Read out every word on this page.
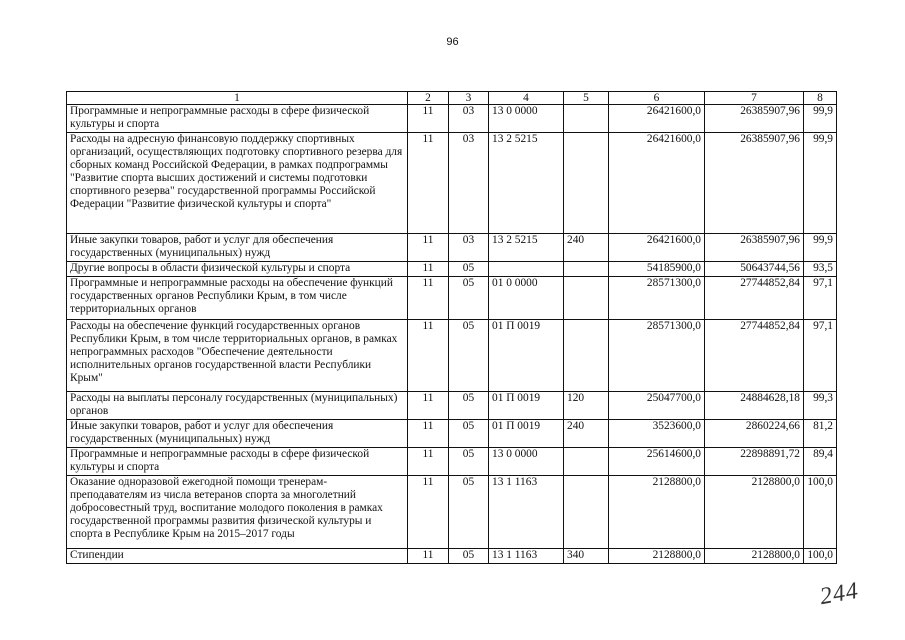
96
1	2	3	4	5	6	7	8
Программные и непрограммные расходы в сфере физической культуры и спорта	11	03	13 0 0000		26421600,0	26385907,96	99,9
Расходы на адресную финансовую поддержку спортивных организаций, осуществляющих подготовку спортивного резерва для сборных команд Российской Федерации, в рамках подпрограммы "Развитие спорта высших достижений и системы подготовки спортивного резерва" государственной программы Российской Федерации "Развитие физической культуры и спорта"	11	03	13 2 5215		26421600,0	26385907,96	99,9
Иные закупки товаров, работ и услуг для обеспечения государственных (муниципальных) нужд	11	03	13 2 5215	240	26421600,0	26385907,96	99,9
Другие вопросы в области физической культуры и спорта	11	05			54185900,0	50643744,56	93,5
Программные и непрограммные расходы на обеспечение функций государственных органов Республики Крым, в том числе территориальных органов	11	05	01 0 0000		28571300,0	27744852,84	97,1
Расходы на обеспечение функций государственных органов Республики Крым, в том числе территориальных органов, в рамках непрограммных расходов "Обеспечение деятельности исполнительных органов государственной власти Республики Крым"	11	05	01 П 0019		28571300,0	27744852,84	97,1
Расходы на выплаты персоналу государственных (муниципальных) органов	11	05	01 П 0019	120	25047700,0	24884628,18	99,3
Иные закупки товаров, работ и услуг для обеспечения государственных (муниципальных) нужд	11	05	01 П 0019	240	3523600,0	2860224,66	81,2
Программные и непрограммные расходы в сфере физической культуры и спорта	11	05	13 0 0000		25614600,0	22898891,72	89,4
Оказание одноразовой ежегодной помощи тренерам-преподавателям из числа ветеранов спорта за многолетний добросовестный труд, воспитание молодого поколения в рамках государственной программы развития физической культуры и спорта в Республике Крым на 2015–2017 годы	11	05	13 1 1163		2128800,0	2128800,0	100,0
Стипендии	11	05	13 1 1163	340	2128800,0	2128800,0	100,0
244
